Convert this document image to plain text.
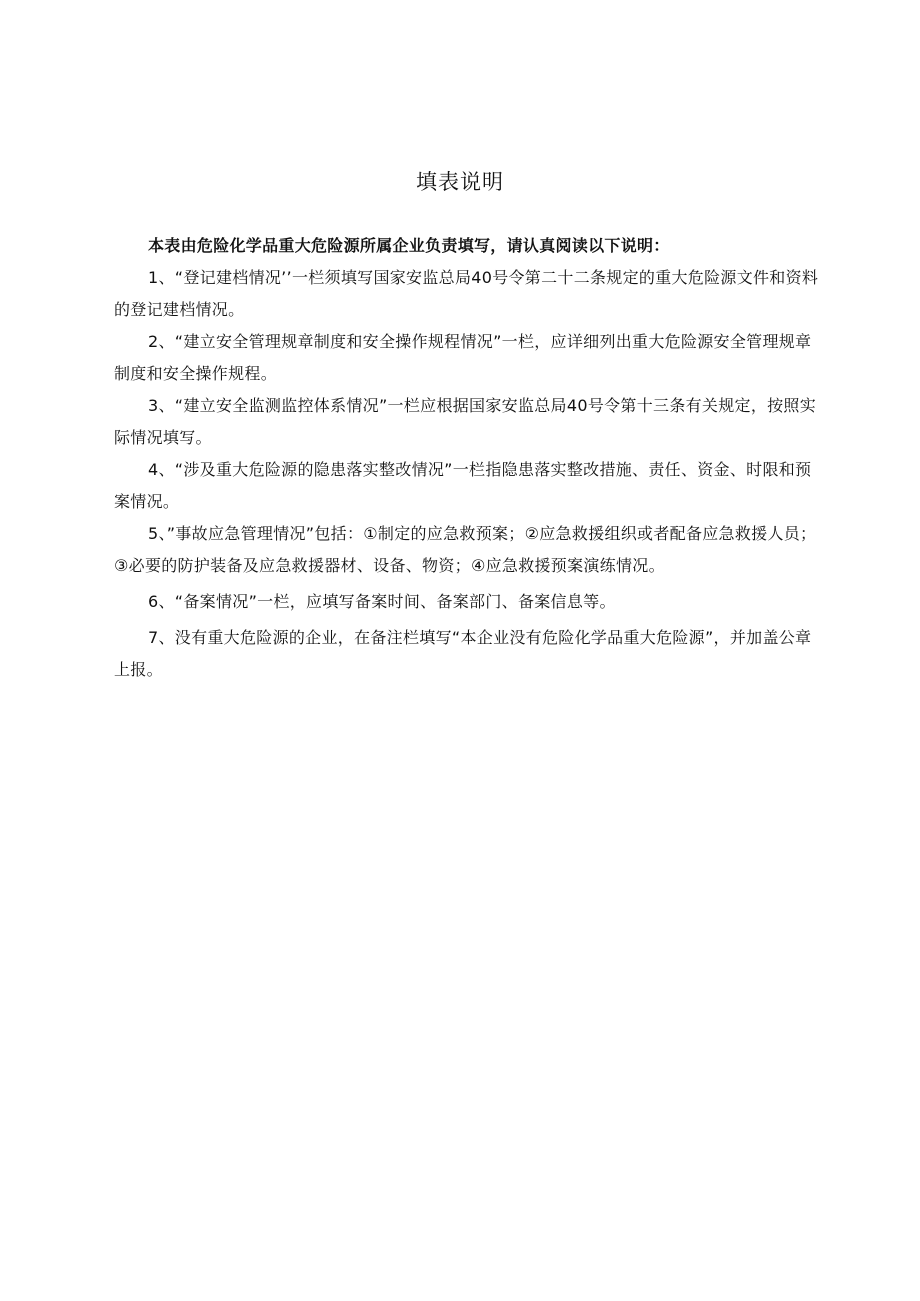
填表说明

本表由危险化学品重大危险源所属企业负责填写，请认真阅读以下说明：

1、“登记建档情况’’一栏须填写国家安监总局40号令第二十二条规定的重大危险源文件和资料的登记建档情况。

2、“建立安全管理规章制度和安全操作规程情况”一栏，应详细列出重大危险源安全管理规章制度和安全操作规程。

3、“建立安全监测监控体系情况”一栏应根据国家安监总局40号令第十三条有关规定，按照实际情况填写。

4、“涉及重大危险源的隐患落实整改情况”一栏指隐患落实整改措施、责任、资金、时限和预案情况。

5、”事故应急管理情况”包括：①制定的应急救预案；②应急救援组织或者配备应急救援人员；③必要的防护装备及应急救援器材、设备、物资；④应急救援预案演练情况。

6、“备案情况”一栏，应填写备案时间、备案部门、备案信息等。

7、没有重大危险源的企业，在备注栏填写“本企业没有危险化学品重大危险源”，并加盖公章上报。
